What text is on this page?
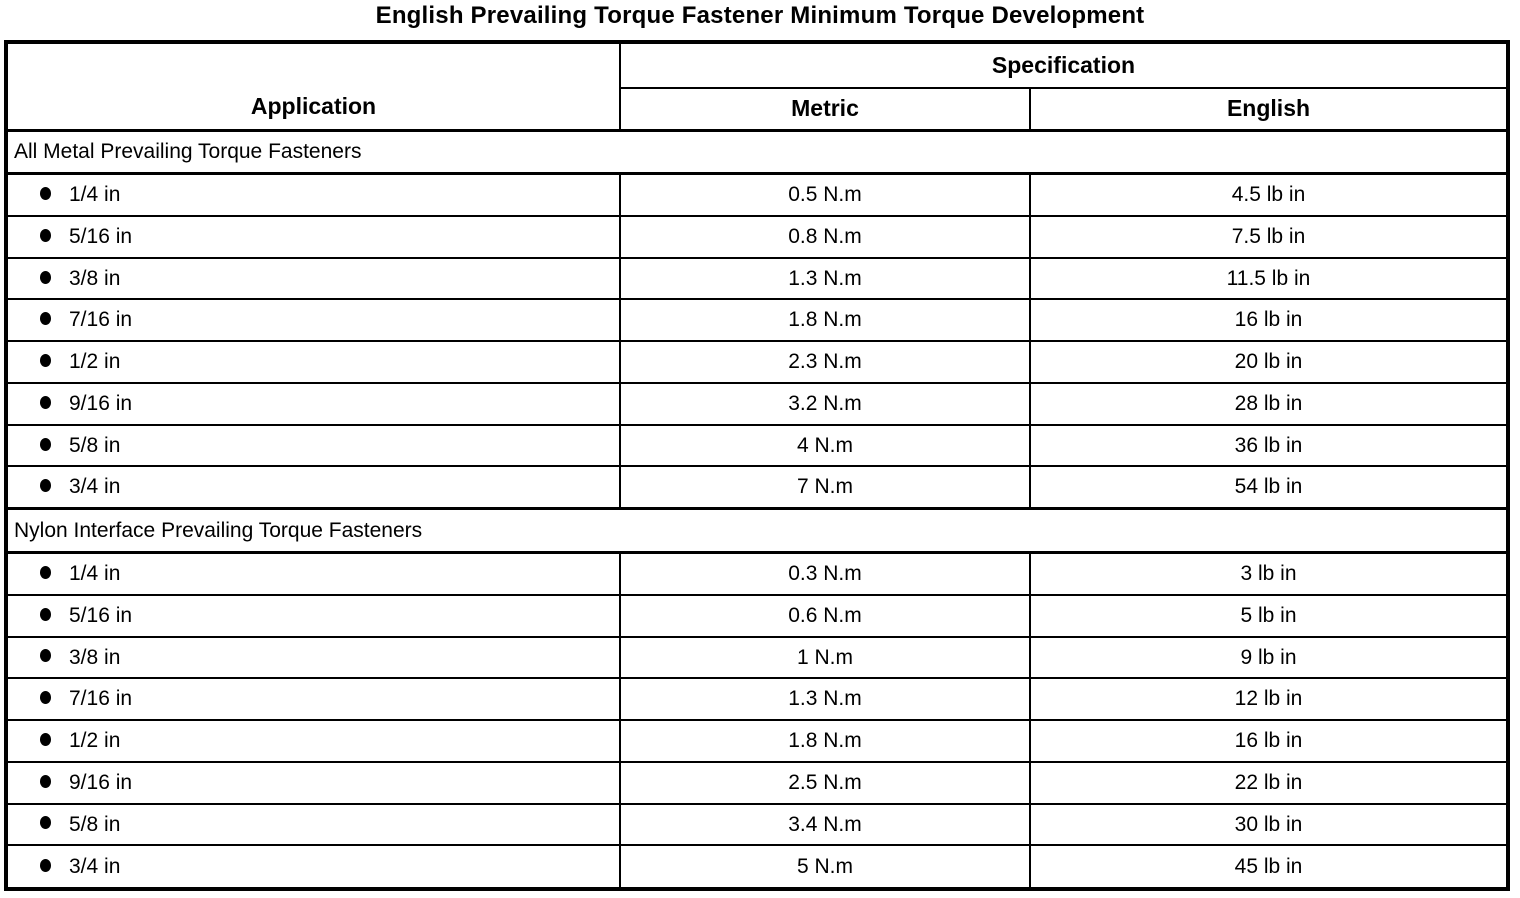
English Prevailing Torque Fastener Minimum Torque Development
Application	Specification	
	Metric	English
All Metal Prevailing Torque Fasteners		
1/4 in	0.5 N.m	4.5 lb in
5/16 in	0.8 N.m	7.5 lb in
3/8 in	1.3 N.m	11.5 lb in
7/16 in	1.8 N.m	16 lb in
1/2 in	2.3 N.m	20 lb in
9/16 in	3.2 N.m	28 lb in
5/8 in	4 N.m	36 lb in
3/4 in	7 N.m	54 lb in
Nylon Interface Prevailing Torque Fasteners		
1/4 in	0.3 N.m	3 lb in
5/16 in	0.6 N.m	5 lb in
3/8 in	1 N.m	9 lb in
7/16 in	1.3 N.m	12 lb in
1/2 in	1.8 N.m	16 lb in
9/16 in	2.5 N.m	22 lb in
5/8 in	3.4 N.m	30 lb in
3/4 in	5 N.m	45 lb in
